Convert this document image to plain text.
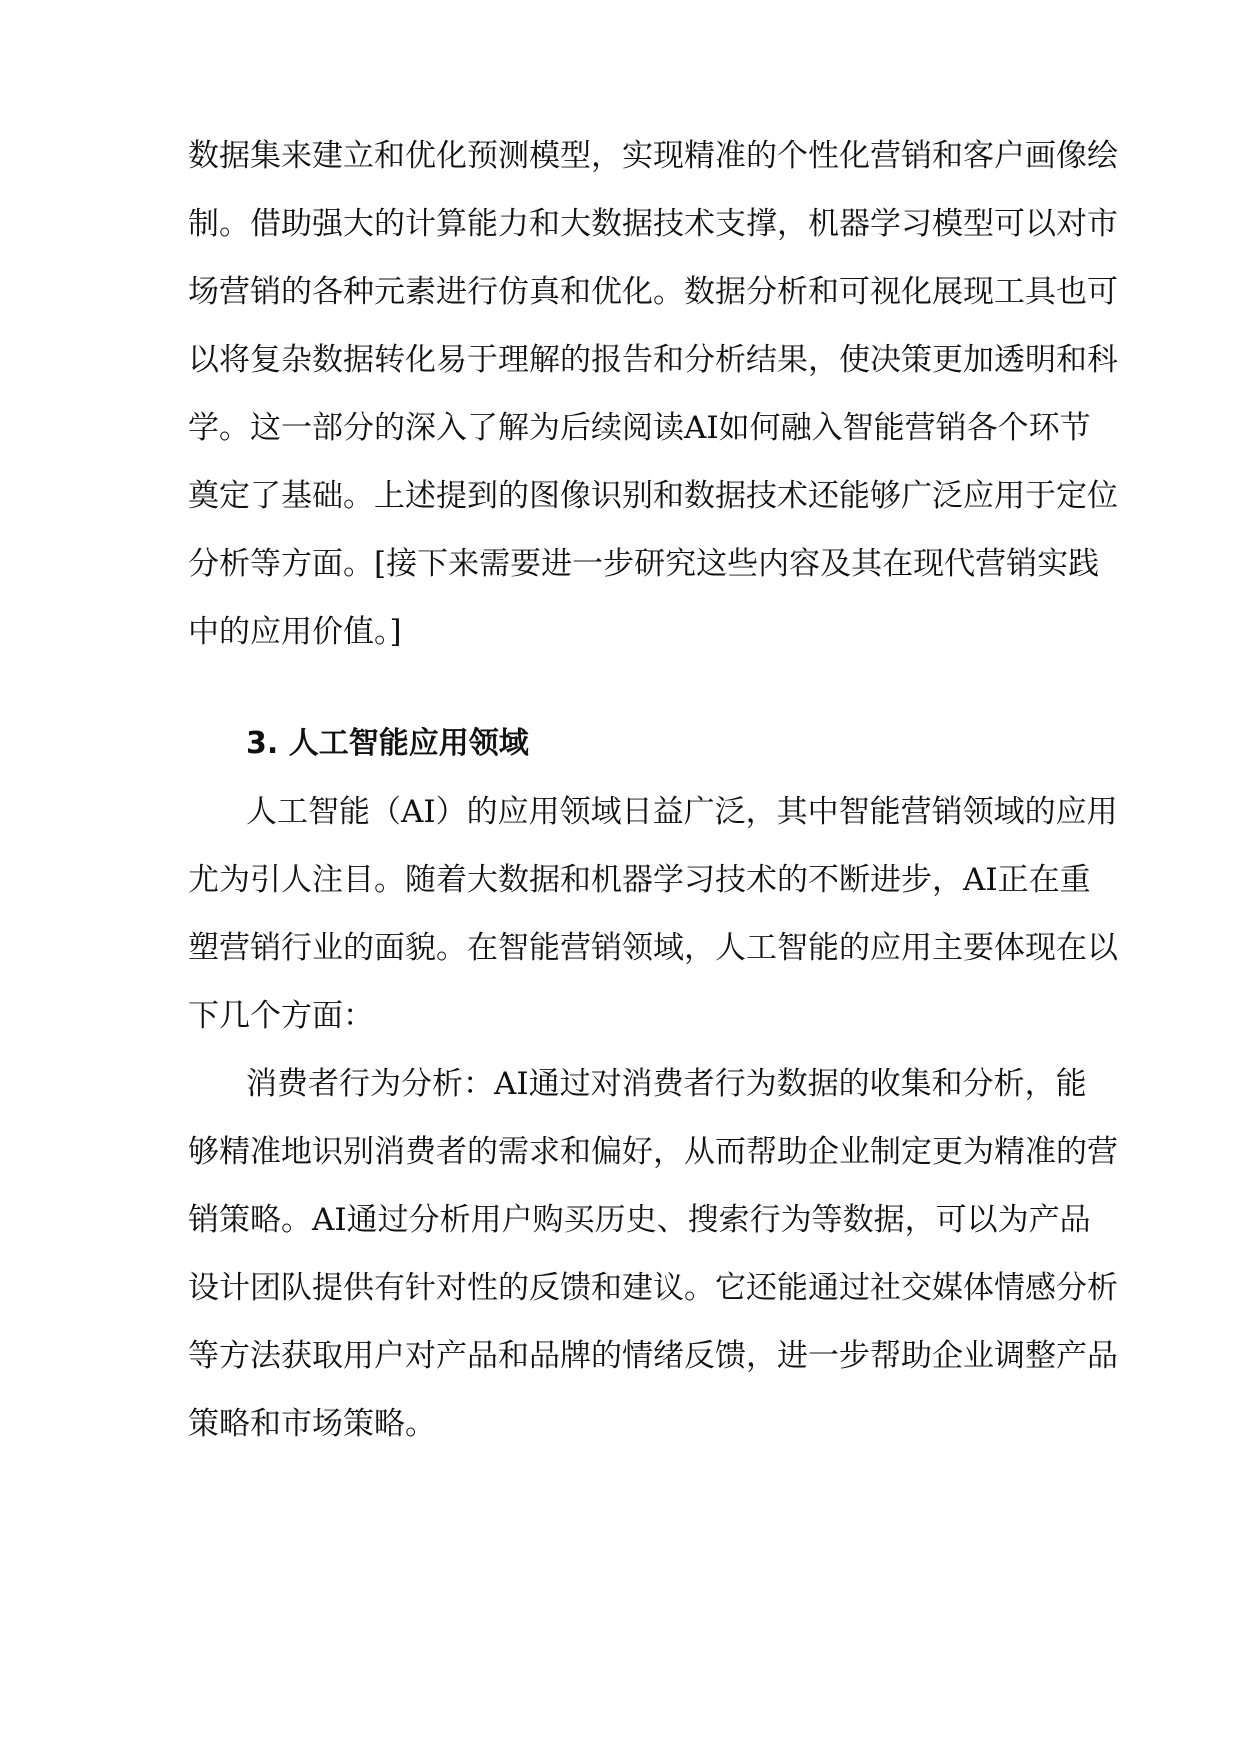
数据集来建立和优化预测模型，实现精准的个性化营销和客户画像绘
制。借助强大的计算能力和大数据技术支撑，机器学习模型可以对市
场营销的各种元素进行仿真和优化。数据分析和可视化展现工具也可
以将复杂数据转化易于理解的报告和分析结果，使决策更加透明和科
学。这一部分的深入了解为后续阅读AI如何融入智能营销各个环节
奠定了基础。上述提到的图像识别和数据技术还能够广泛应用于定位
分析等方面。[接下来需要进一步研究这些内容及其在现代营销实践
中的应用价值。]
3. 人工智能应用领域
人工智能（AI）的应用领域日益广泛，其中智能营销领域的应用
尤为引人注目。随着大数据和机器学习技术的不断进步，AI正在重
塑营销行业的面貌。在智能营销领域，人工智能的应用主要体现在以
下几个方面：
消费者行为分析：AI通过对消费者行为数据的收集和分析，能
够精准地识别消费者的需求和偏好，从而帮助企业制定更为精准的营
销策略。AI通过分析用户购买历史、搜索行为等数据，可以为产品
设计团队提供有针对性的反馈和建议。它还能通过社交媒体情感分析
等方法获取用户对产品和品牌的情绪反馈，进一步帮助企业调整产品
策略和市场策略。
